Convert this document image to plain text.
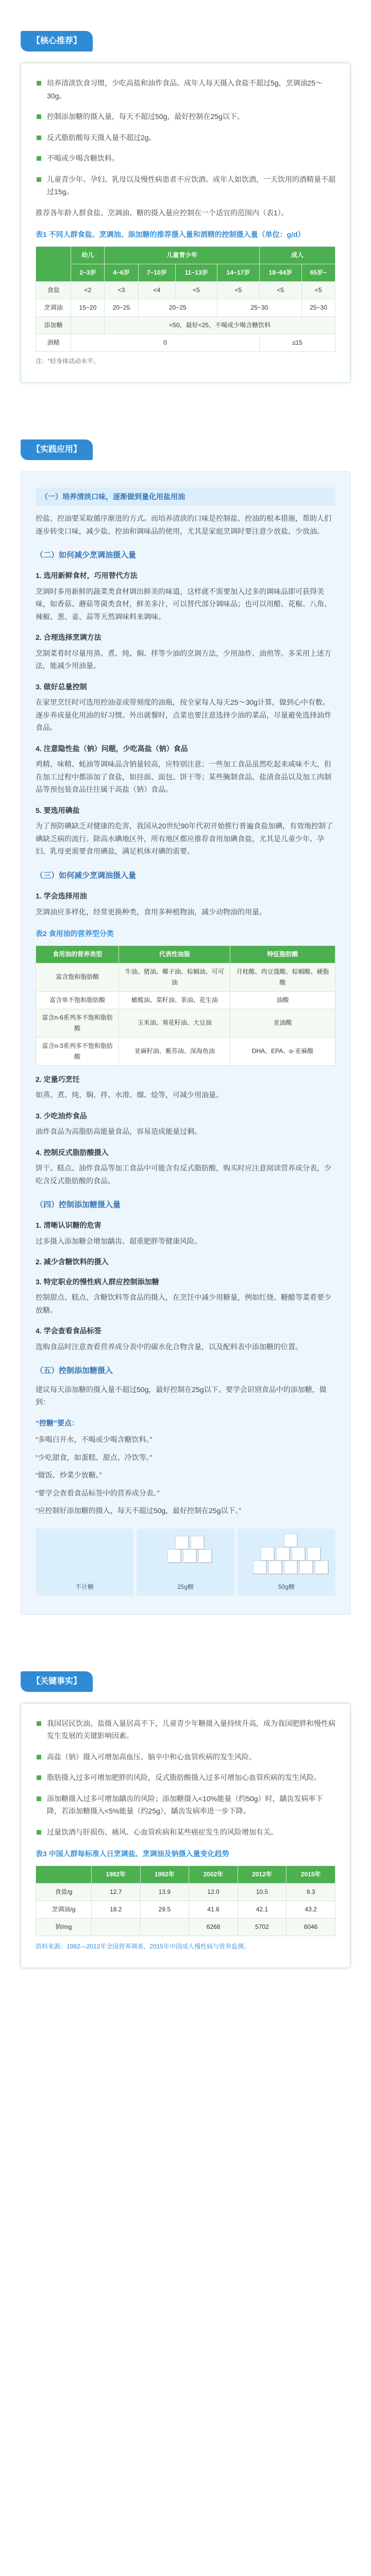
【核心推荐】

培养清淡饮食习惯，少吃高盐和油炸食品。成年人每天摄入食盐不超过5g，烹调油25～30g。

控制添加糖的摄入量，每天不超过50g，最好控制在25g以下。

反式脂肪酸每天摄入量不超过2g。

不喝或少喝含糖饮料。

儿童青少年、孕妇、乳母以及慢性病患者不应饮酒。成年人如饮酒，一天饮用的酒精量不超过15g。

推荐各年龄人群食盐、烹调油、糖的摄入量应控制在一个适宜的范围内（表1）。

表1 不同人群食盐、烹调油、添加糖的推荐摄入量和酒精的控制摄入量（单位：g/d）

	幼儿	儿童青少年				成人	
	2~3岁	4~6岁	7~10岁	11~13岁	14~17岁	18~64岁	65岁~
食盐	<2	<3	<4	<5	<5	<5	<5
烹调油	15~20	20~25	20~25		25~30		25~30
添加糖		<50，最好<25，不喝或少喝含糖饮料					
酒精	0					≤15	

注：“轻身体活动水平。

【实践应用】

（一）培养清淡口味，逐渐做到量化用盐用油

控盐、控油要采取循序渐进的方式。而培养清淡的口味是控制盐、控油的根本措施，帮助人们逐步转变口味，减少盐、控油和调味品的使用，尤其是家庭烹调时要注意少放盐、少放油。

（二）如何减少烹调油摄入量

1. 选用新鲜食材，巧用替代方法

烹调时多用新鲜的蔬菜类食材调出鲜美的味道，这样就不需要加入过多的调味品即可获得美味，如香菇、蘑菇等菌类食材，鲜美多汁，可以替代部分调味品；也可以用醋、花椒、八角、辣椒、葱、姜、蒜等天然调味料来调味。

2. 合理选择烹调方法

烹制菜肴时尽量用蒸、煮、炖、焖、拌等少油的烹调方法，少用油炸、油煎等。多采用上述方法，能减少用油量。

3. 做好总量控制

在家里烹饪时可选用控油壶或带刻度的油瓶，按全家每人每天25～30g计算，做到心中有数。逐步养成量化用油的好习惯。外出就餐时，点菜也要注意选择少油的菜品，尽量避免选择油炸食品。

4. 注意隐性盐（钠）问题，少吃高盐（钠）食品

鸡精、味精、蚝油等调味品含钠量较高，应特别注意；一些加工食品虽然吃起来咸味不大，但在加工过程中都添加了食盐，如挂面、面包、饼干等；某些腌制食品、盐渍食品以及加工肉制品等预包装食品往往属于高盐（钠）食品。

5. 要选用碘盐

为了预防碘缺乏对健康的危害，我国从20世纪90年代初开始推行普遍食盐加碘，有效地控制了碘缺乏病的流行。除高水碘地区外，所有地区都应推荐食用加碘食盐，尤其是儿童少年、孕妇、乳母更需要食用碘盐，满足机体对碘的需要。

（三）如何减少烹调油摄入量

1. 学会选择用油

烹调油应多样化，经常更换种类，食用多种植物油，减少动物油的用量。

表2 食用油的营养型分类

食用油的营养类型	代表性油脂	特征脂肪酸
富含饱和脂肪酸	牛油、猪油、椰子油、棕榈油、可可油	月桂酸、肉豆蔻酸、棕榈酸、硬脂酸
富含单不饱和脂肪酸	橄榄油、菜籽油、茶油、花生油	油酸
富含n-6系列多不饱和脂肪酸	玉米油、葵花籽油、大豆油	亚油酸
富含n-3系列多不饱和脂肪酸	亚麻籽油、紫苏油、深海鱼油	DHA、EPA、α-亚麻酸

2. 定量巧烹饪

如蒸、煮、炖、焖、拌、水滑、熘、烩等，可减少用油量。

3. 少吃油炸食品

油炸食品为高脂肪高能量食品，容易造成能量过剩。

4. 控制反式脂肪酸摄入

饼干、糕点、油炸食品等加工食品中可能含有反式脂肪酸，购买时应注意阅读营养成分表，少吃含反式脂肪酸的食品。

（四）控制添加糖摄入量

1. 清晰认识糖的危害

过多摄入添加糖会增加龋齿、超重肥胖等健康风险。

2. 减少含糖饮料的摄入

3. 特定职业的慢性病人群应控制添加糖

控制甜点、糕点、含糖饮料等食品的摄入，在烹饪中减少用糖量，例如红烧、糖醋等菜肴要少放糖。

4. 学会查看食品标签

选购食品时注意查看营养成分表中的碳水化合物含量，以及配料表中添加糖的位置。

（五）控制添加糖摄入

建议每天添加糖的摄入量不超过50g，最好控制在25g以下。要学会识别食品中的添加糖，做到：

“控糖”要点：

“多喝白开水，不喝或少喝含糖饮料。”

“少吃甜食，如蛋糕、甜点、冷饮等。”

“做饭、炒菜少放糖。”

“要学会查看食品标签中的营养成分表。”

“应控制好添加糖的摄入，每天不超过50g，最好控制在25g以下。”

不计糖	25g糖	50g糖
【关键事实】

我国居民饮油、盐摄入量居高不下，儿童青少年糖摄入量持续升高，成为我国肥胖和慢性病发生发展的关键影响因素。

高盐（钠）摄入可增加高血压、脑卒中和心血管疾病的发生风险。

脂肪摄入过多可增加肥胖的风险，反式脂肪酸摄入过多可增加心血管疾病的发生风险。

添加糖摄入过多可增加龋齿的风险；添加糖摄入<10%能量（约50g）时，龋齿发病率下降，若添加糖摄入<5%能量（约25g），龋齿发病率进一步下降。

过量饮酒与肝损伤、痛风、心血管疾病和某些癌症发生的风险增加有关。

表3 中国人群每标准人日烹调盐、烹调油及钠摄入量变化趋势

	1982年	1992年	2002年	2012年	2015年
食盐/g	12.7	13.9	12.0	10.5	9.3
烹调油/g	18.2	29.5	41.6	42.1	43.2
钠/mg			6268	5702	6046

资料来源：1982—2012年全国营养调查，2015年中国成人慢性病与营养监测。
